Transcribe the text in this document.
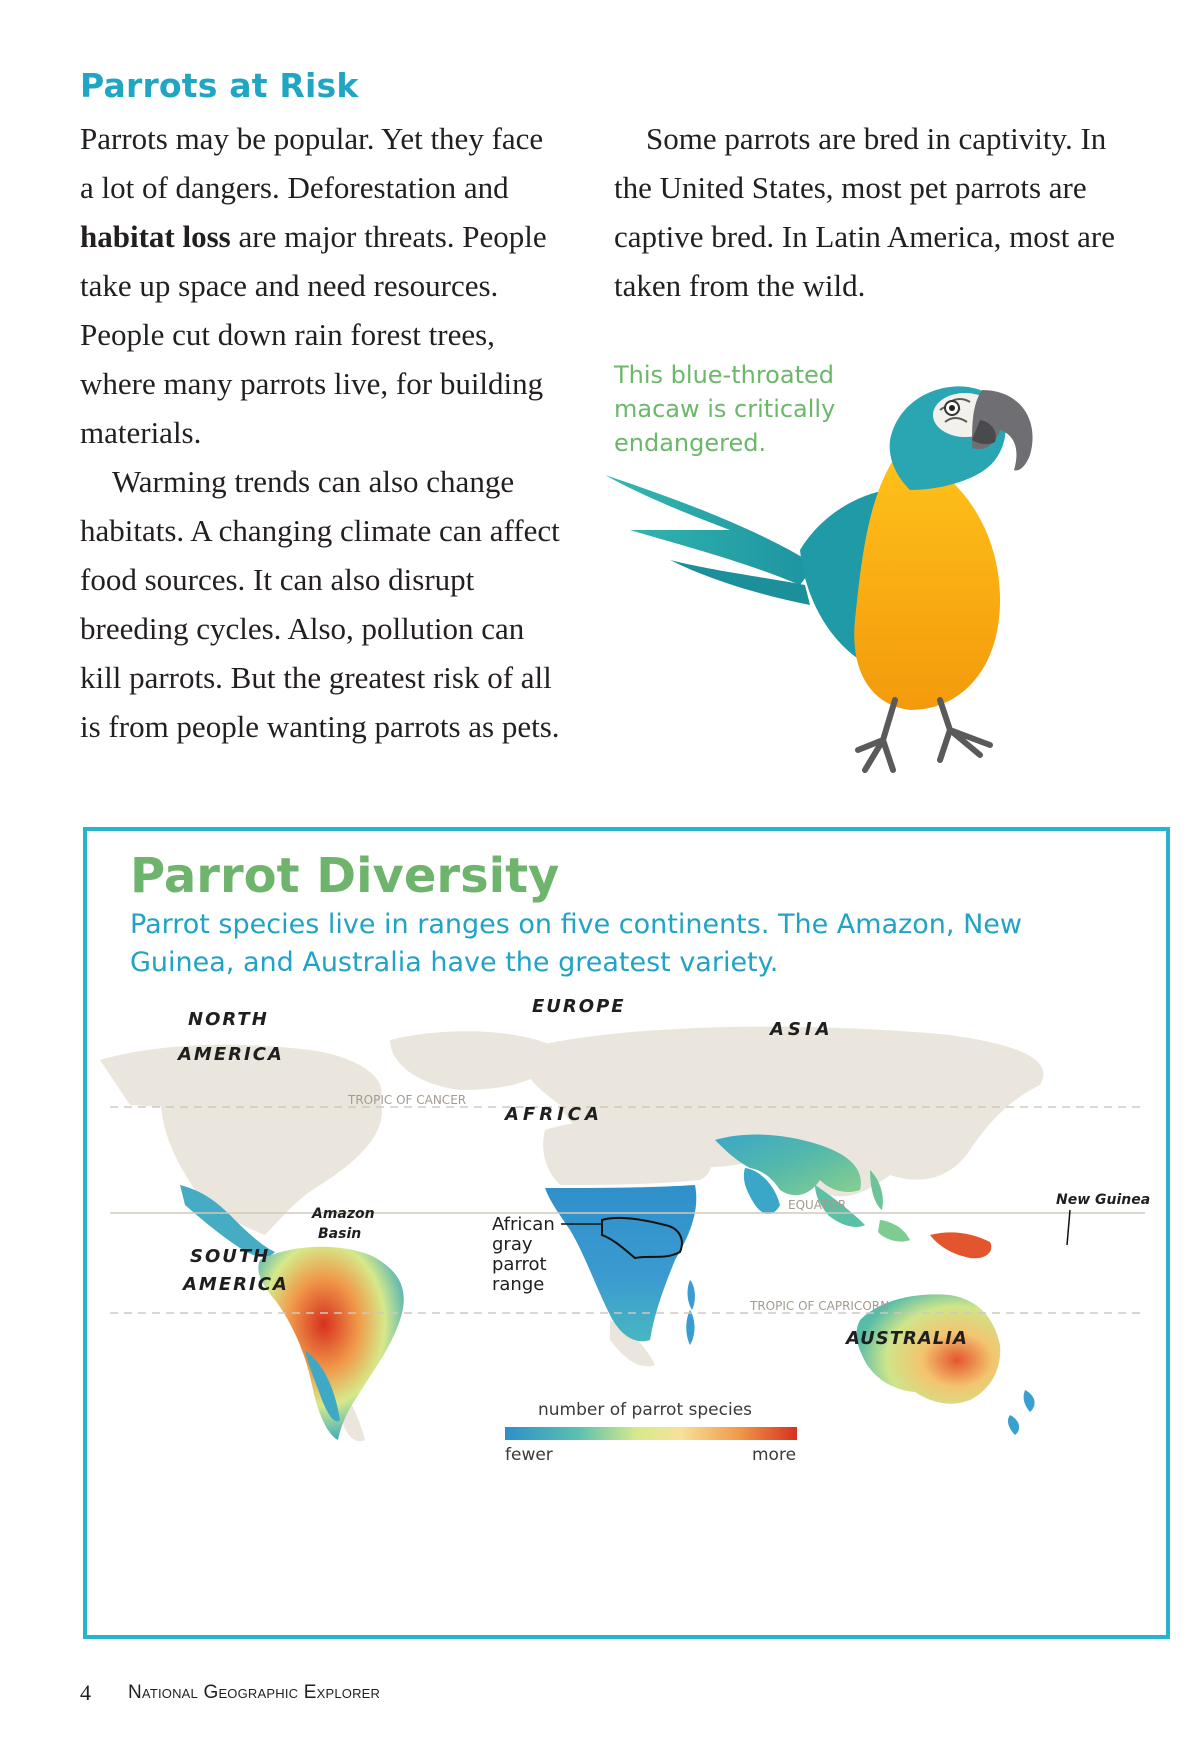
Parrots at Risk

Parrots may be popular. Yet they face a lot of dangers. Deforestation and habitat loss are major threats. People take up space and need resources. People cut down rain forest trees, where many parrots live, for building materials.

Warming trends can also change habitats. A changing climate can affect food sources. It can also disrupt breeding cycles. Also, pollution can kill parrots. But the greatest risk of all is from people wanting parrots as pets.

Some parrots are bred in captivity. In the United States, most pet parrots are captive bred. In Latin America, most are taken from the wild.

This blue-throated macaw is critically endangered.
Parrot Diversity
Parrot species live in ranges on five continents. The Amazon, New Guinea, and Australia have the greatest variety.
NORTH
AMERICA
EUROPE
ASIA
AFRICA
SOUTH
AMERICA
AUSTRALIA
Amazon
Basin
New Guinea
African
gray
parrot
range
TROPIC OF CANCER
EQUATOR
TROPIC OF CAPRICORN
number of parrot species
fewer	more
4 National Geographic Explorer
